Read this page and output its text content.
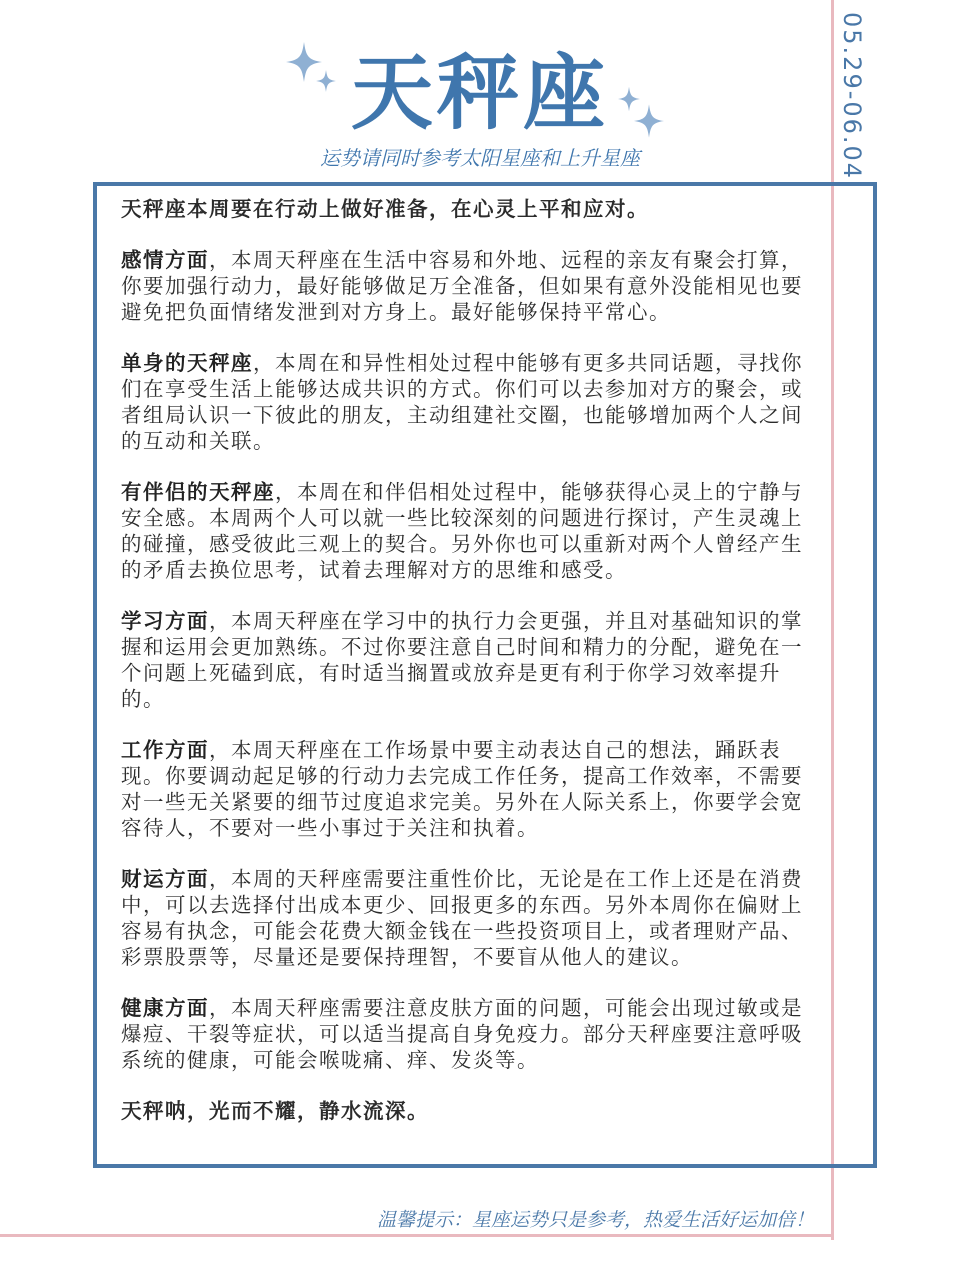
05.29-06.04
天秤座
运势请同时参考太阳星座和上升星座

天秤座本周要在行动上做好准备，在心灵上平和应对。

感情方面，本周天秤座在生活中容易和外地、远程的亲友有聚会打算，你要加强行动力，最好能够做足万全准备，但如果有意外没能相见也要避免把负面情绪发泄到对方身上。最好能够保持平常心。

单身的天秤座，本周在和异性相处过程中能够有更多共同话题，寻找你们在享受生活上能够达成共识的方式。你们可以去参加对方的聚会，或者组局认识一下彼此的朋友，主动组建社交圈，也能够增加两个人之间的互动和关联。

有伴侣的天秤座，本周在和伴侣相处过程中，能够获得心灵上的宁静与安全感。本周两个人可以就一些比较深刻的问题进行探讨，产生灵魂上的碰撞，感受彼此三观上的契合。另外你也可以重新对两个人曾经产生的矛盾去换位思考，试着去理解对方的思维和感受。

学习方面，本周天秤座在学习中的执行力会更强，并且对基础知识的掌握和运用会更加熟练。不过你要注意自己时间和精力的分配，避免在一个问题上死磕到底，有时适当搁置或放弃是更有利于你学习效率提升的。

工作方面，本周天秤座在工作场景中要主动表达自己的想法，踊跃表现。你要调动起足够的行动力去完成工作任务，提高工作效率，不需要对一些无关紧要的细节过度追求完美。另外在人际关系上，你要学会宽容待人，不要对一些小事过于关注和执着。

财运方面，本周的天秤座需要注重性价比，无论是在工作上还是在消费中，可以去选择付出成本更少、回报更多的东西。另外本周你在偏财上容易有执念，可能会花费大额金钱在一些投资项目上，或者理财产品、彩票股票等，尽量还是要保持理智，不要盲从他人的建议。

健康方面，本周天秤座需要注意皮肤方面的问题，可能会出现过敏或是爆痘、干裂等症状，可以适当提高自身免疫力。部分天秤座要注意呼吸系统的健康，可能会喉咙痛、痒、发炎等。

天秤呐，光而不耀，静水流深。

温馨提示：星座运势只是参考，热爱生活好运加倍！
